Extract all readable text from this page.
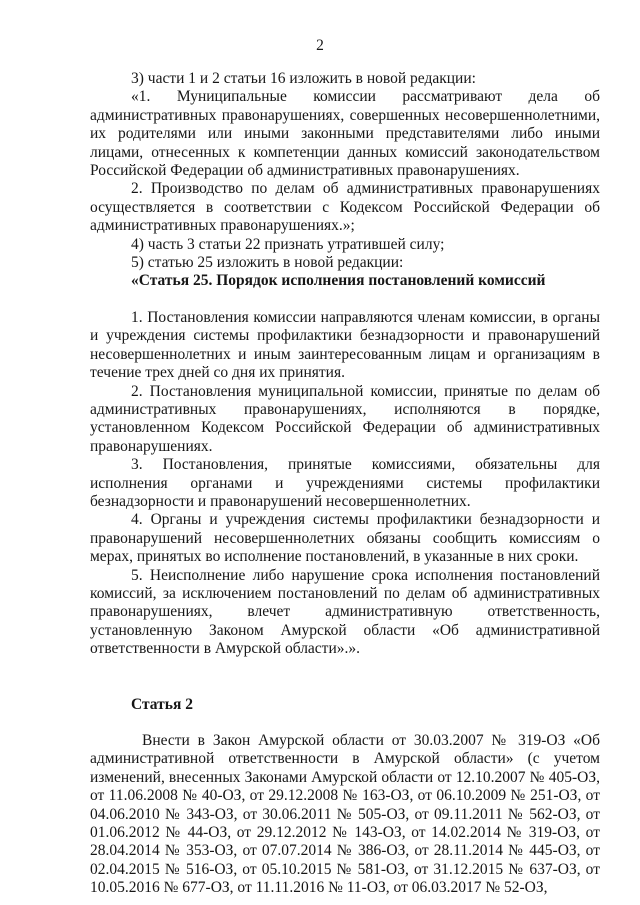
2

3) части 1 и 2 статьи 16 изложить в новой редакции:

«1. Муниципальные комиссии рассматривают дела об административных правонарушениях, совершенных несовершеннолетними, их родителями или иными законными представителями либо иными лицами, отнесенных к компетенции данных комиссий законодательством Российской Федерации об административных правонарушениях.

2. Производство по делам об административных правонарушениях осуществляется в соответствии с Кодексом Российской Федерации об административных правонарушениях.»;

4) часть 3 статьи 22 признать утратившей силу;

5) статью 25 изложить в новой редакции:

«Статья 25. Порядок исполнения постановлений комиссий

1. Постановления комиссии направляются членам комиссии, в органы и учреждения системы профилактики безнадзорности и правонарушений несовершеннолетних и иным заинтересованным лицам и организациям в течение трех дней со дня их принятия.

2. Постановления муниципальной комиссии, принятые по делам об административных правонарушениях, исполняются в порядке, установленном Кодексом Российской Федерации об административных правонарушениях.

3. Постановления, принятые комиссиями, обязательны для исполнения органами и учреждениями системы профилактики безнадзорности и правонарушений несовершеннолетних.

4. Органы и учреждения системы профилактики безнадзорности и правонарушений несовершеннолетних обязаны сообщить комиссиям о мерах, принятых во исполнение постановлений, в указанные в них сроки.

5. Неисполнение либо нарушение срока исполнения постановлений комиссий, за исключением постановлений по делам об административных правонарушениях, влечет административную ответственность, установленную Законом Амурской области «Об административной ответственности в Амурской области».».

Статья 2

Внести в Закон Амурской области от 30.03.2007 № 319-ОЗ «Об административной ответственности в Амурской области» (с учетом изменений, внесенных Законами Амурской области от 12.10.2007 № 405-ОЗ, от 11.06.2008 № 40-ОЗ, от 29.12.2008 № 163-ОЗ, от 06.10.2009 № 251-ОЗ, от 04.06.2010 № 343-ОЗ, от 30.06.2011 № 505-ОЗ, от 09.11.2011 № 562-ОЗ, от 01.06.2012 № 44-ОЗ, от 29.12.2012 № 143-ОЗ, от 14.02.2014 № 319-ОЗ, от 28.04.2014 № 353-ОЗ, от 07.07.2014 № 386-ОЗ, от 28.11.2014 № 445-ОЗ, от 02.04.2015 № 516-ОЗ, от 05.10.2015 № 581-ОЗ, от 31.12.2015 № 637-ОЗ, от 10.05.2016 № 677-ОЗ, от 11.11.2016 № 11-ОЗ, от 06.03.2017 № 52-ОЗ,
